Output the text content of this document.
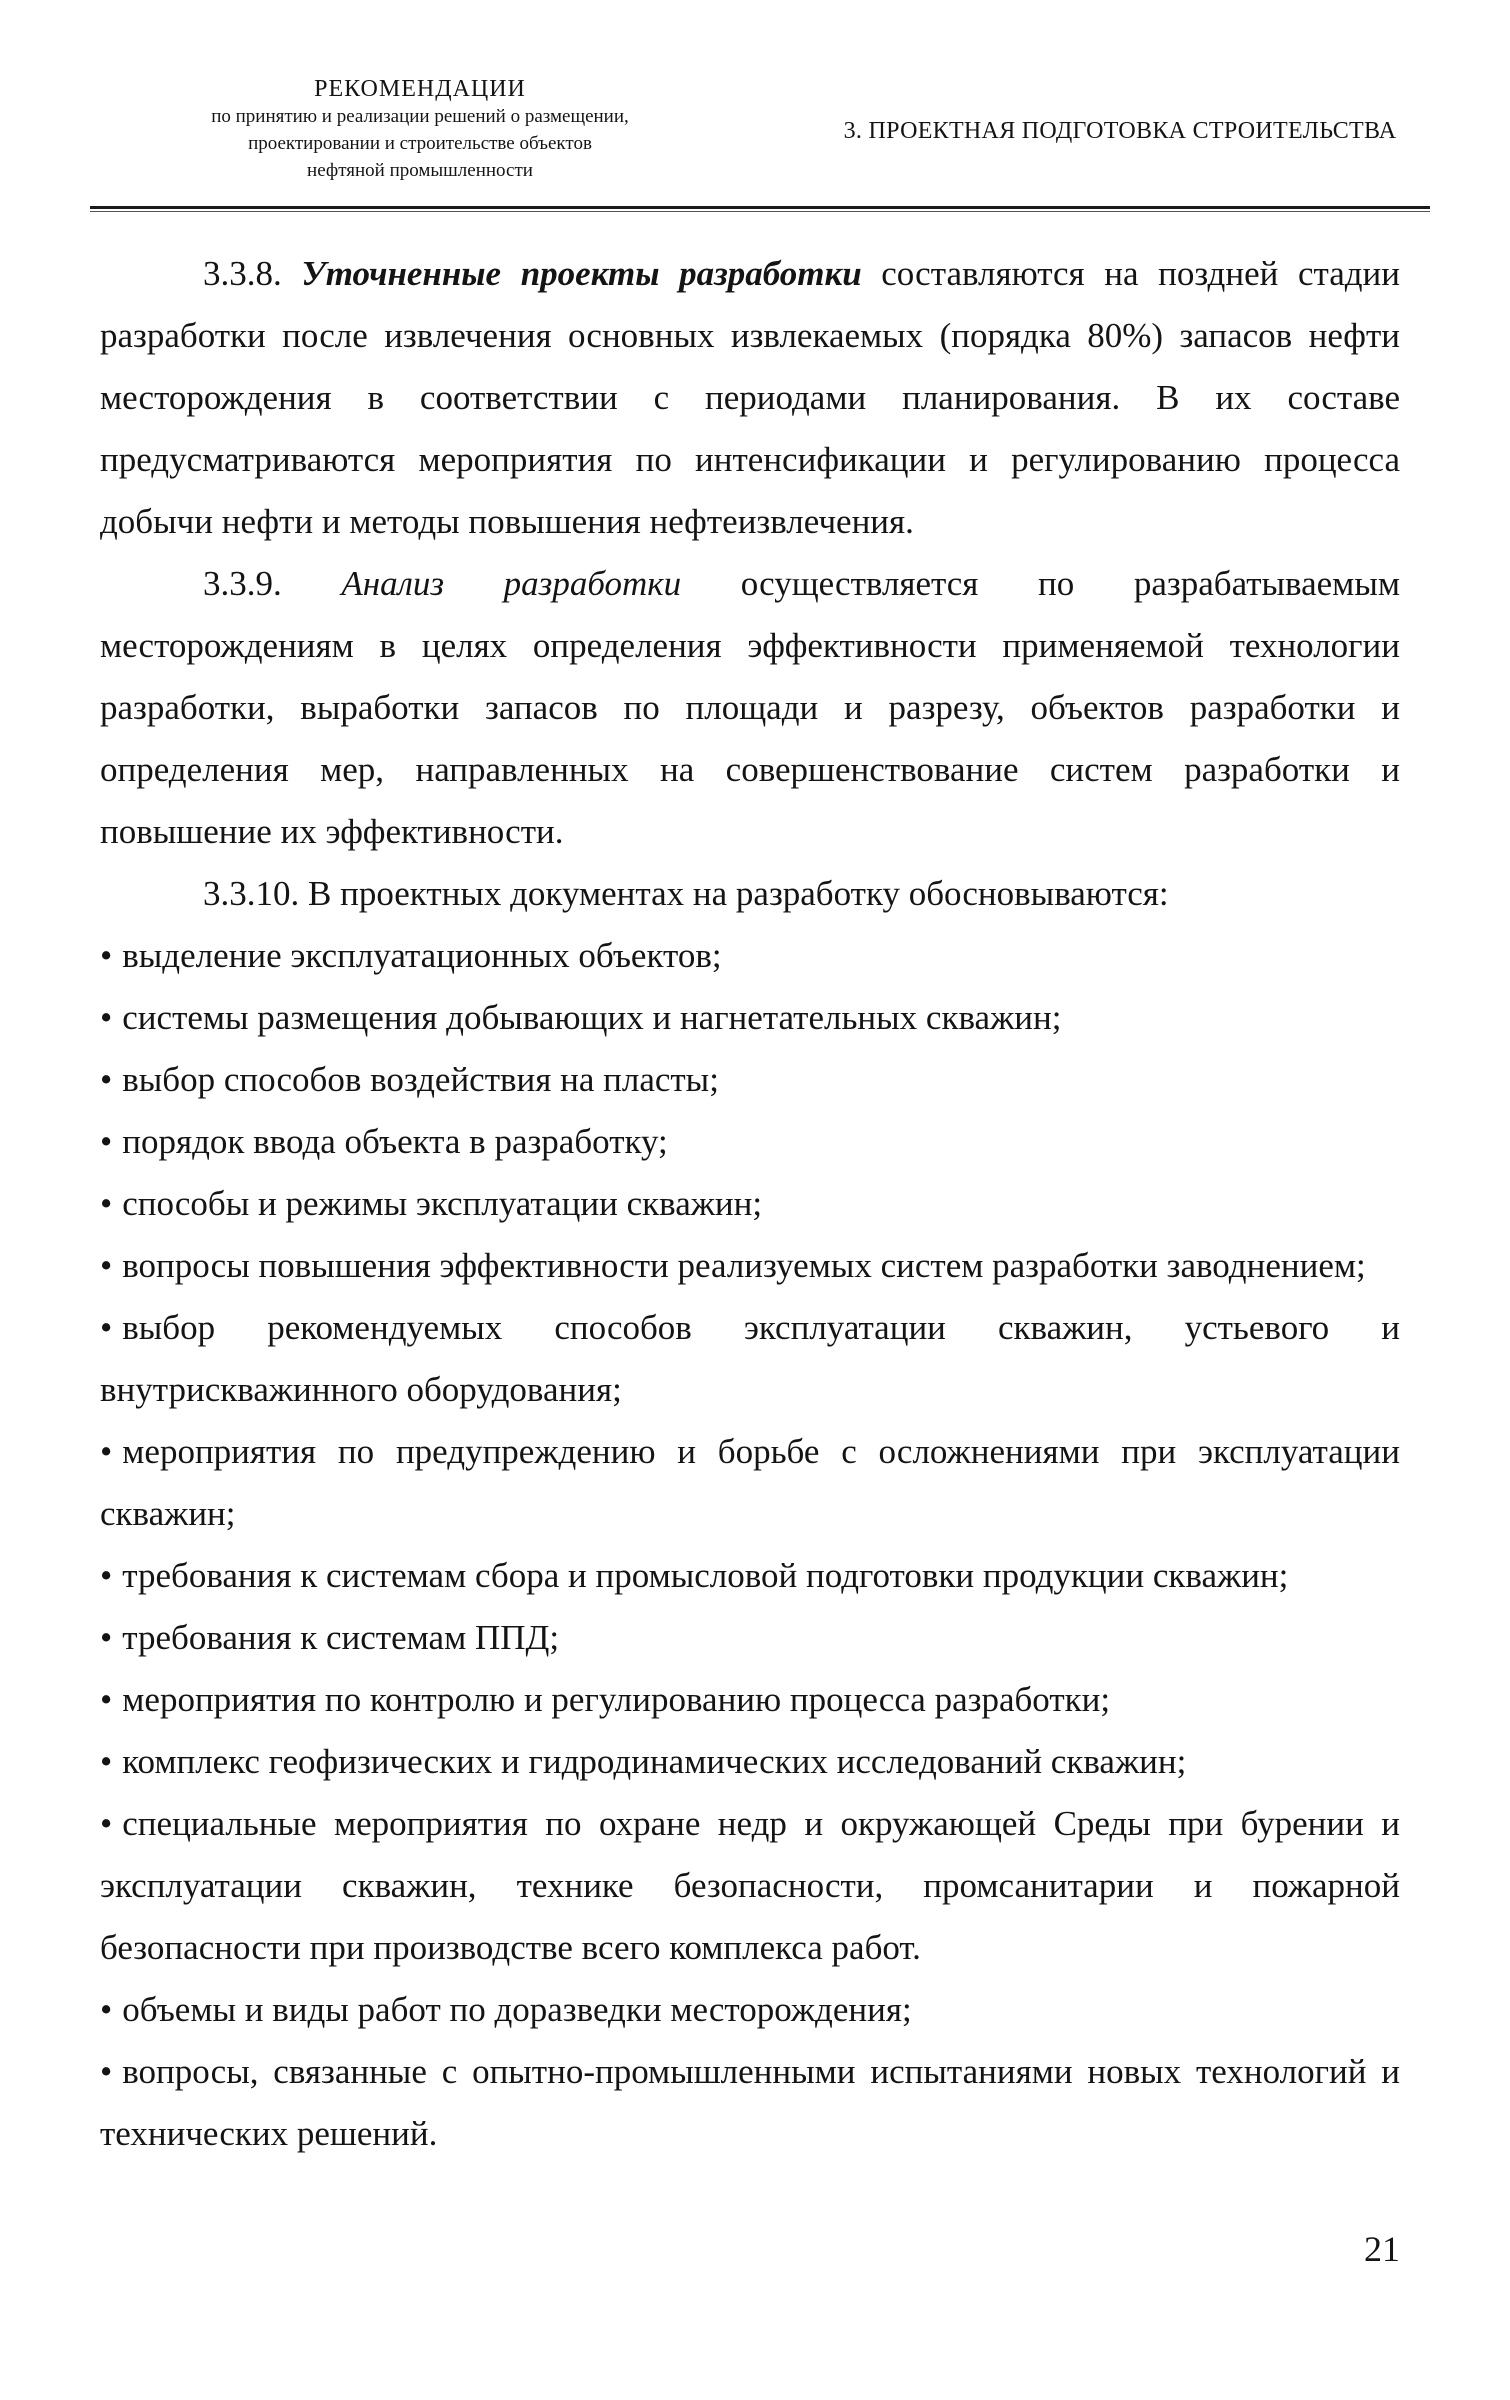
РЕКОМЕНДАЦИИ
по принятию и реализации решений о размещении,
проектировании и строительстве объектов
нефтяной промышленности
3. ПРОЕКТНАЯ ПОДГОТОВКА СТРОИТЕЛЬСТВА

3.3.8. Уточненные проекты разработки составляются на поздней стадии разработки после извлечения основных извлекаемых (порядка 80%) запасов нефти месторождения в соответствии с периодами планирования. В их составе предусматриваются мероприятия по интенсификации и регулированию процесса добычи нефти и методы повышения нефтеизвлечения.

3.3.9. Анализ разработки осуществляется по разрабатываемым месторождениям в целях определения эффективности применяемой технологии разработки, выработки запасов по площади и разрезу, объектов разработки и определения мер, направленных на совершенствование систем разработки и повышение их эффективности.

3.3.10. В проектных документах на разработку обосновываются:

• выделение эксплуатационных объектов;
• системы размещения добывающих и нагнетательных скважин;
• выбор способов воздействия на пласты;
• порядок ввода объекта в разработку;
• способы и режимы эксплуатации скважин;
• вопросы повышения эффективности реализуемых систем разработки заводнением;
• выбор рекомендуемых способов эксплуатации скважин, устьевого и внутрискважинного оборудования;
• мероприятия по предупреждению и борьбе с осложнениями при эксплуатации скважин;
• требования к системам сбора и промысловой подготовки продукции скважин;
• требования к системам ППД;
• мероприятия по контролю и регулированию процесса разработки;
• комплекс геофизических и гидродинамических исследований скважин;
• специальные мероприятия по охране недр и окружающей Среды при бурении и эксплуатации скважин, технике безопасности, промсанитарии и пожарной безопасности при производстве всего комплекса работ.
• объемы и виды работ по доразведки месторождения;
• вопросы, связанные с опытно-промышленными испытаниями новых технологий и технических решений.
21
